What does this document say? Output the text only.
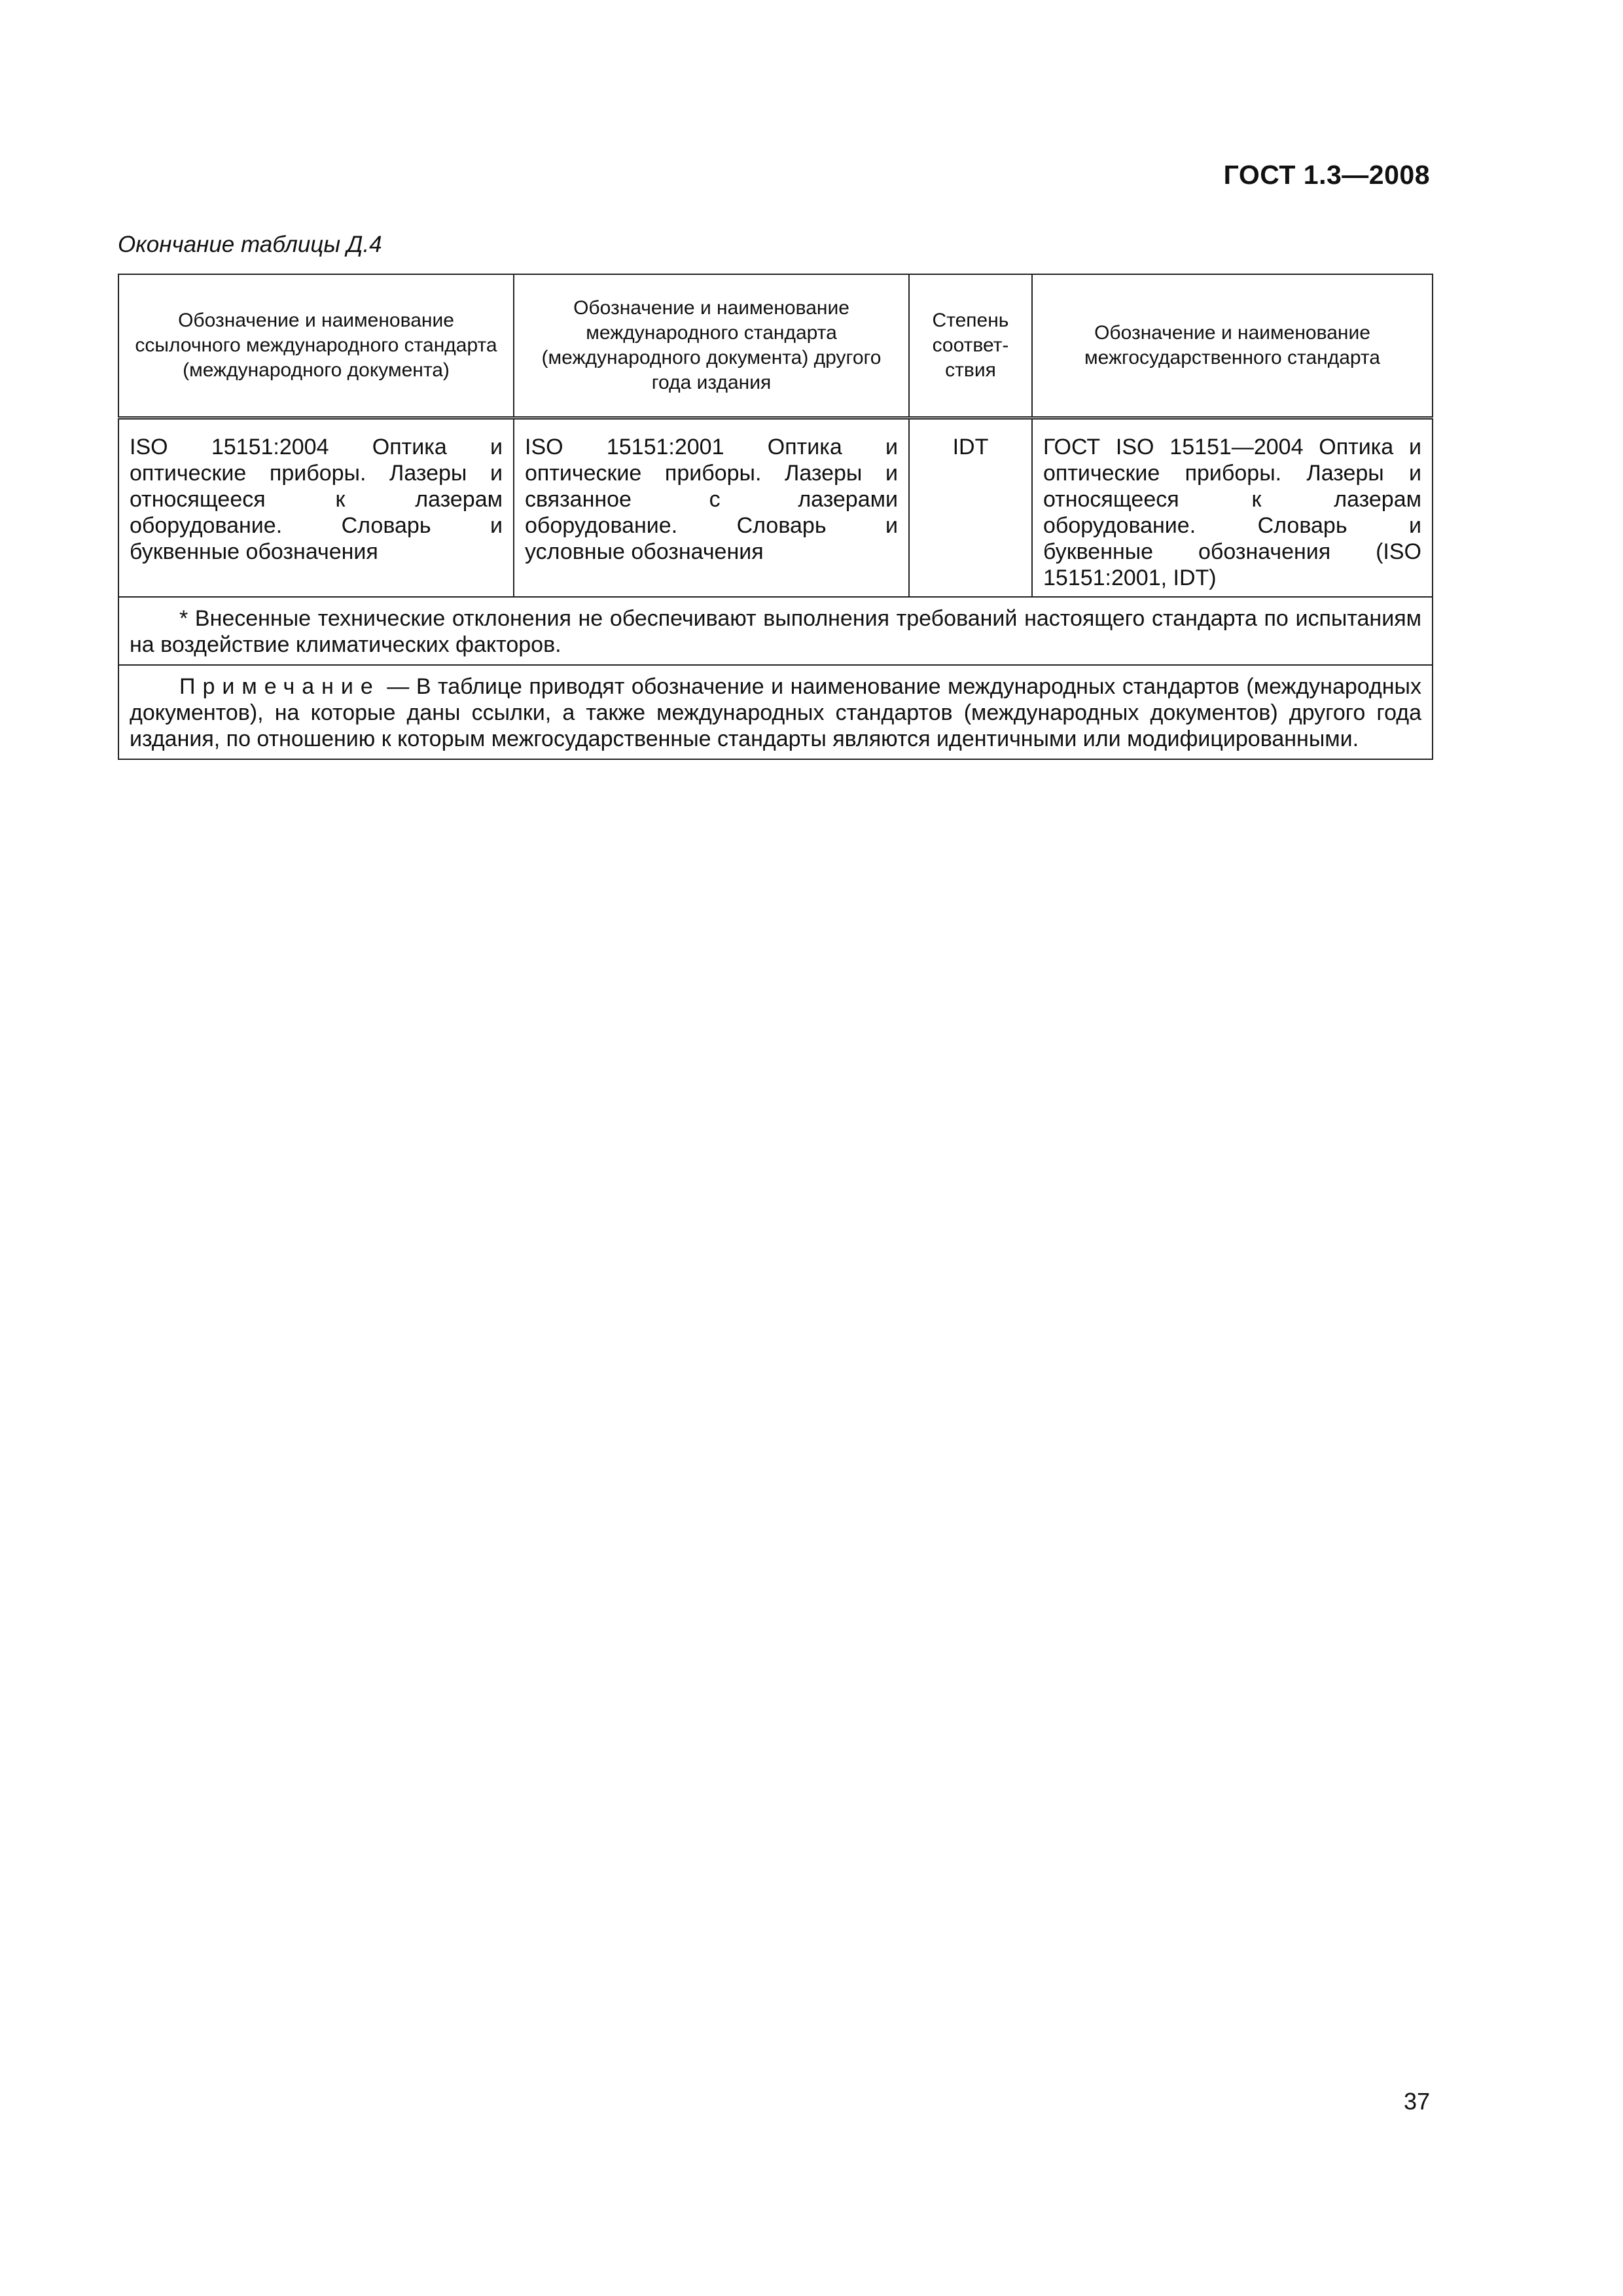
ГОСТ 1.3—2008
Окончание таблицы Д.4
Обозначение и наименование ссылочного международного стандарта (международного документа)	Обозначение и наименование международного стандарта (международного документа) другого года издания	Степень соответ-ствия	Обозначение и наименование межгосударственного стандарта
ISO 15151:2004 Оптика и оптические приборы. Лазеры и относящееся к лазерам оборудование. Словарь и буквенные обозначения	ISO 15151:2001 Оптика и оптические приборы. Лазеры и связанное с лазерами оборудование. Словарь и условные обозначения	IDT	ГОСТ ISO 15151—2004 Оптика и оптические приборы. Лазеры и относящееся к лазерам оборудование. Словарь и буквенные обозначения (ISO 15151:2001, IDT)
* Внесенные технические отклонения не обеспечивают выполнения требований настоящего стандарта по испытаниям на воздействие климатических факторов.			
Примечание — В таблице приводят обозначение и наименование международных стандартов (международных документов), на которые даны ссылки, а также международных стандартов (международных документов) другого года издания, по отношению к которым межгосударственные стандарты являются идентичными или модифицированными.			
37
